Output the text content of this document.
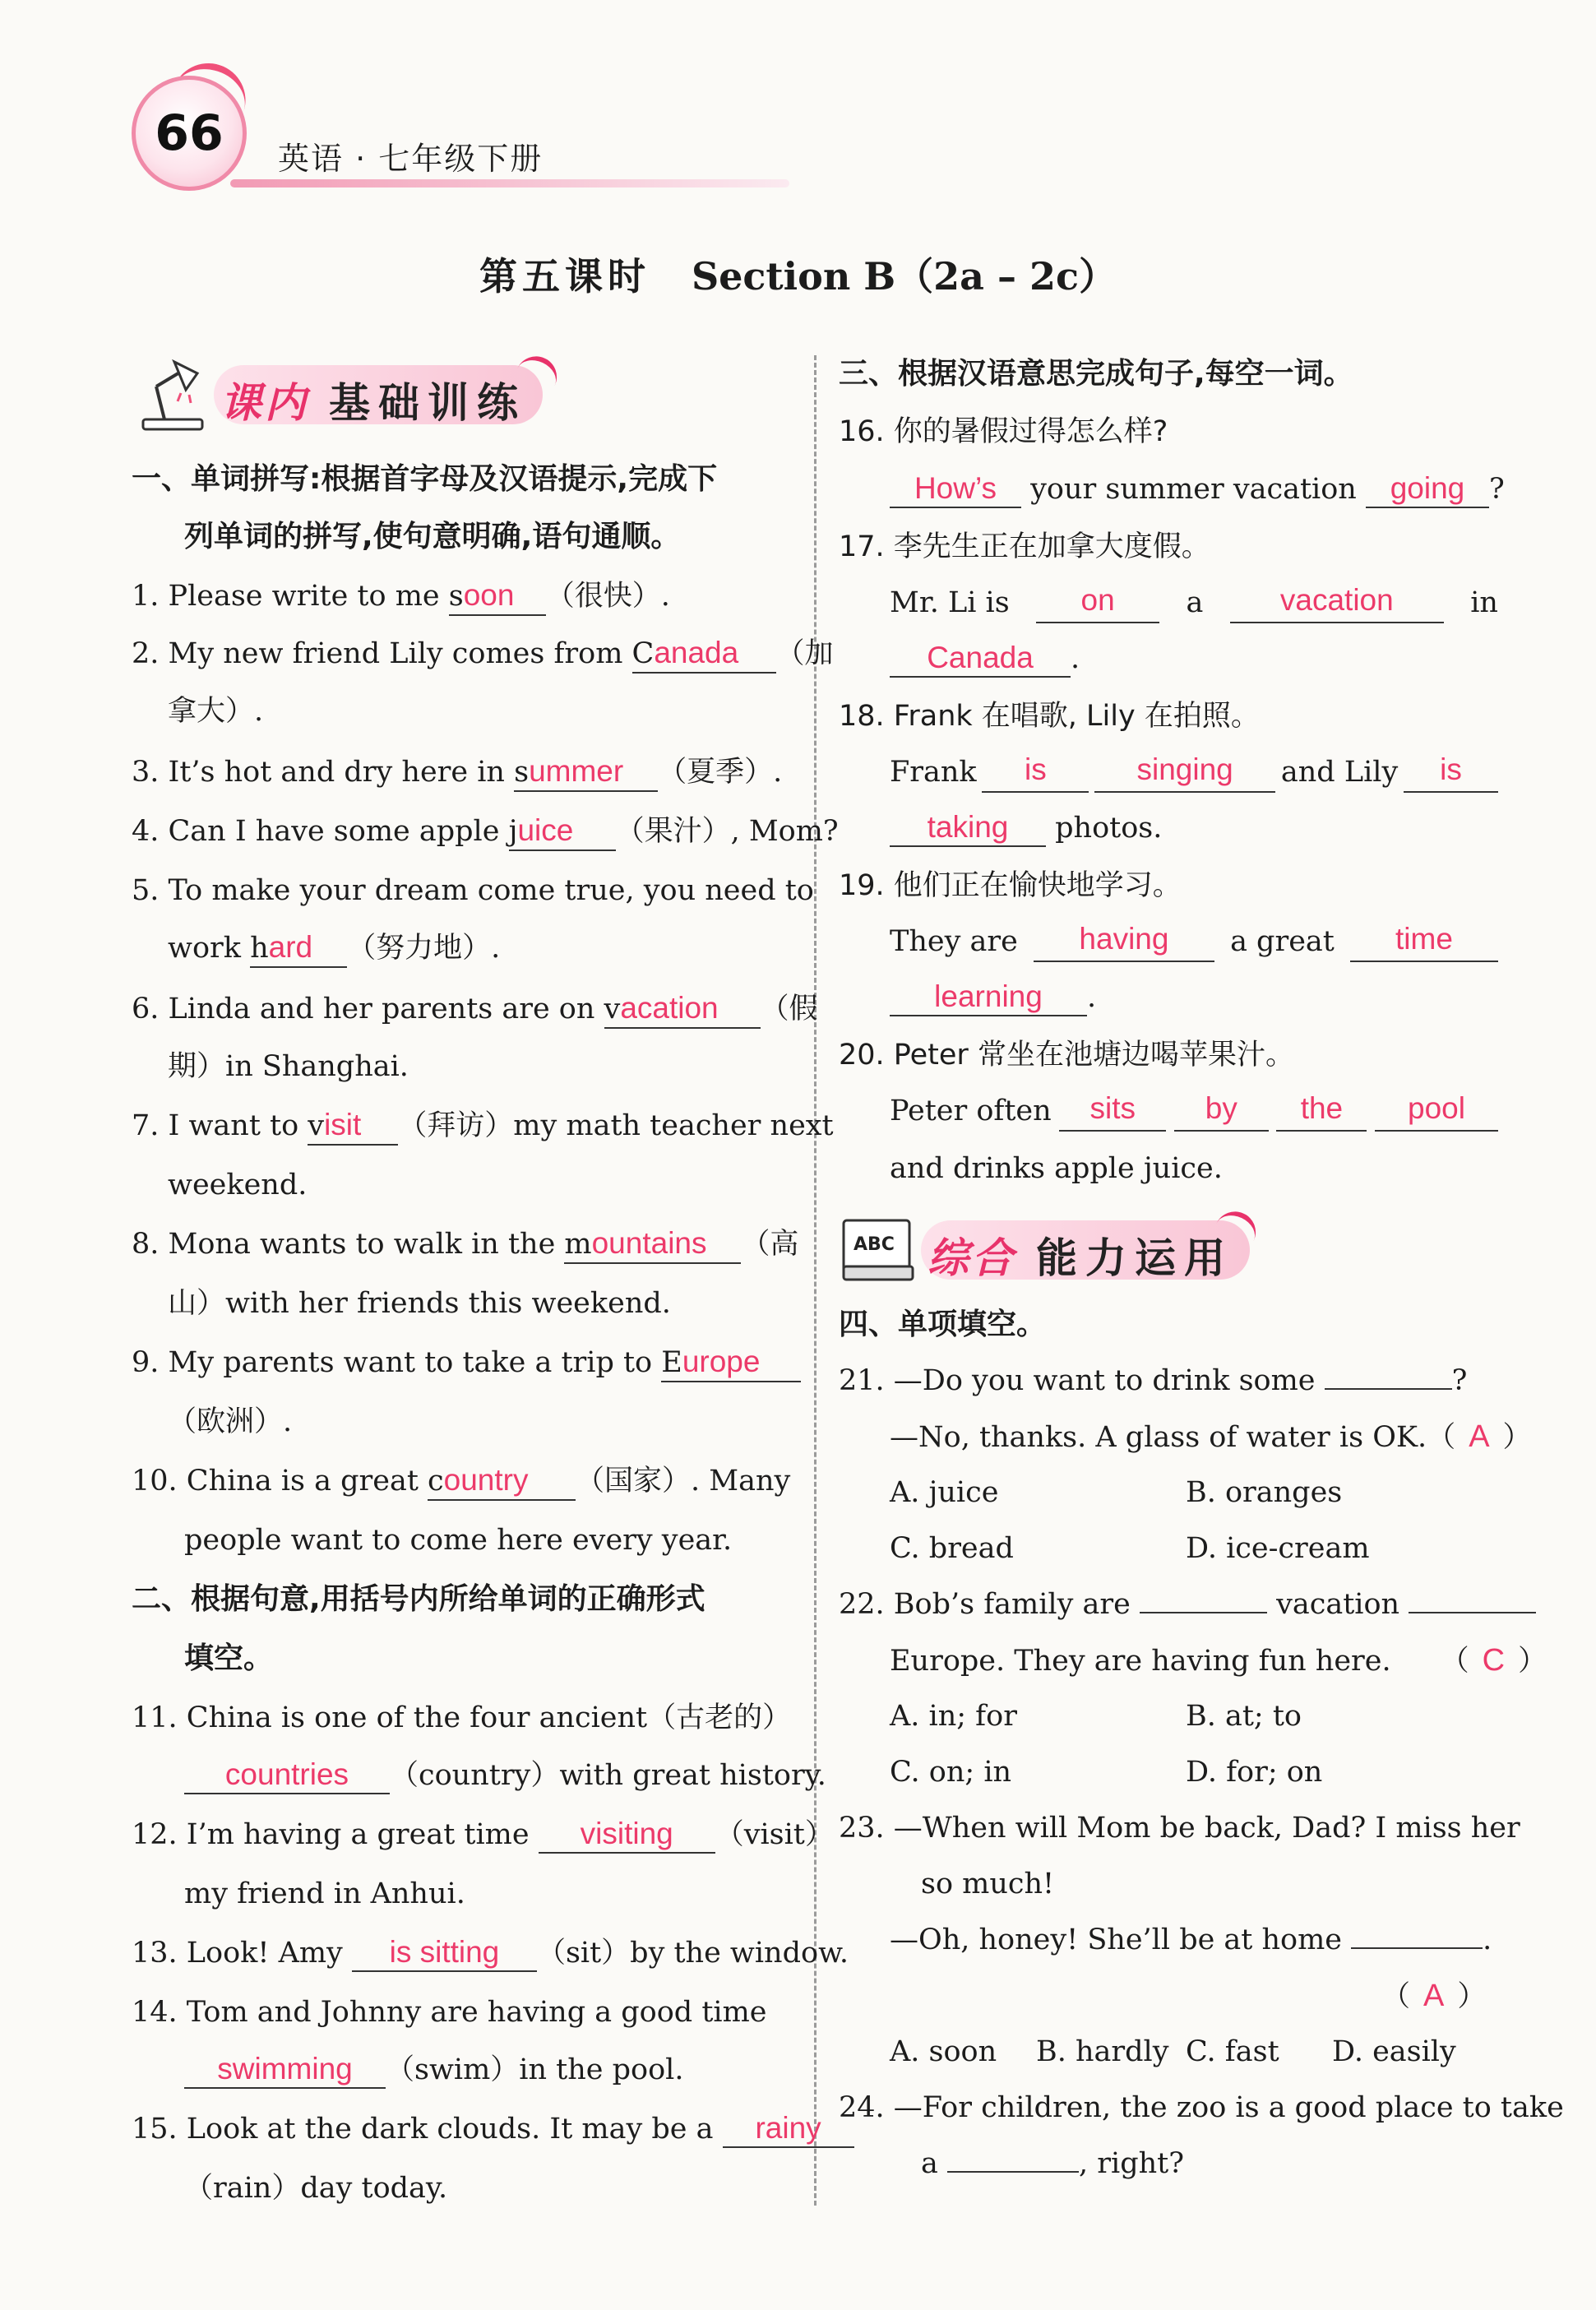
66	英语 · 七年级下册
第五课时 Section B（2a – 2c）
课内 基础训练
一、单词拼写:根据首字母及汉语提示,完成下
列单词的拼写,使句意明确,语句通顺。
1. Please write to me soon （很快）.
2. My new friend Lily comes from Canada （加
拿大）.
3. It’s hot and dry here in summer （夏季）.
4. Can I have some apple juice （果汁）, Mom?
5. To make your dream come true, you need to
work hard （努力地）.
6. Linda and her parents are on vacation （假
期）in Shanghai.
7. I want to visit （拜访）my math teacher next
weekend.
8. Mona wants to walk in the mountains （高
山）with her friends this weekend.
9. My parents want to take a trip to Europe
（欧洲）.
10. China is a great country （国家）. Many
people want to come here every year.
二、根据句意,用括号内所给单词的正确形式
填空。
11. China is one of the four ancient（古老的）
countries （country）with great history.
12. I’m having a great time visiting （visit）
my friend in Anhui.
13. Look! Amy is sitting （sit）by the window.
14. Tom and Johnny are having a good time
swimming （swim）in the pool.
15. Look at the dark clouds. It may be a rainy
（rain）day today.
三、根据汉语意思完成句子,每空一词。
16. 你的暑假过得怎么样?
How’s your summer vacation going ?
17. 李先生正在加拿大度假。
Mr. Li is	on	a	vacation	in
Canada .
18. Frank 在唱歌, Lily 在拍照。
Frank	is	singing	and Lily	is
taking photos.
19. 他们正在愉快地学习。
They are	having	a great	time
learning .
20. Peter 常坐在池塘边喝苹果汁。
Peter often	sits	by	the	pool
and drinks apple juice.
ABC 综合 能力运用
四、单项填空。
21. —Do you want to drink some	?
—No, thanks. A glass of water is OK.（ A ）
A. juice	B. oranges
C. bread	D. ice-cream
22. Bob’s family are	vacation
Europe. They are having fun here. （ C ）
A. in; for	B. at; to
C. on; in	D. for; on
23. —When will Mom be back, Dad? I miss her
so much!
—Oh, honey! She’ll be at home	.
（ A ）
A. soon B. hardly C. fast D. easily
24. —For children, the zoo is a good place to take
a	, right?
